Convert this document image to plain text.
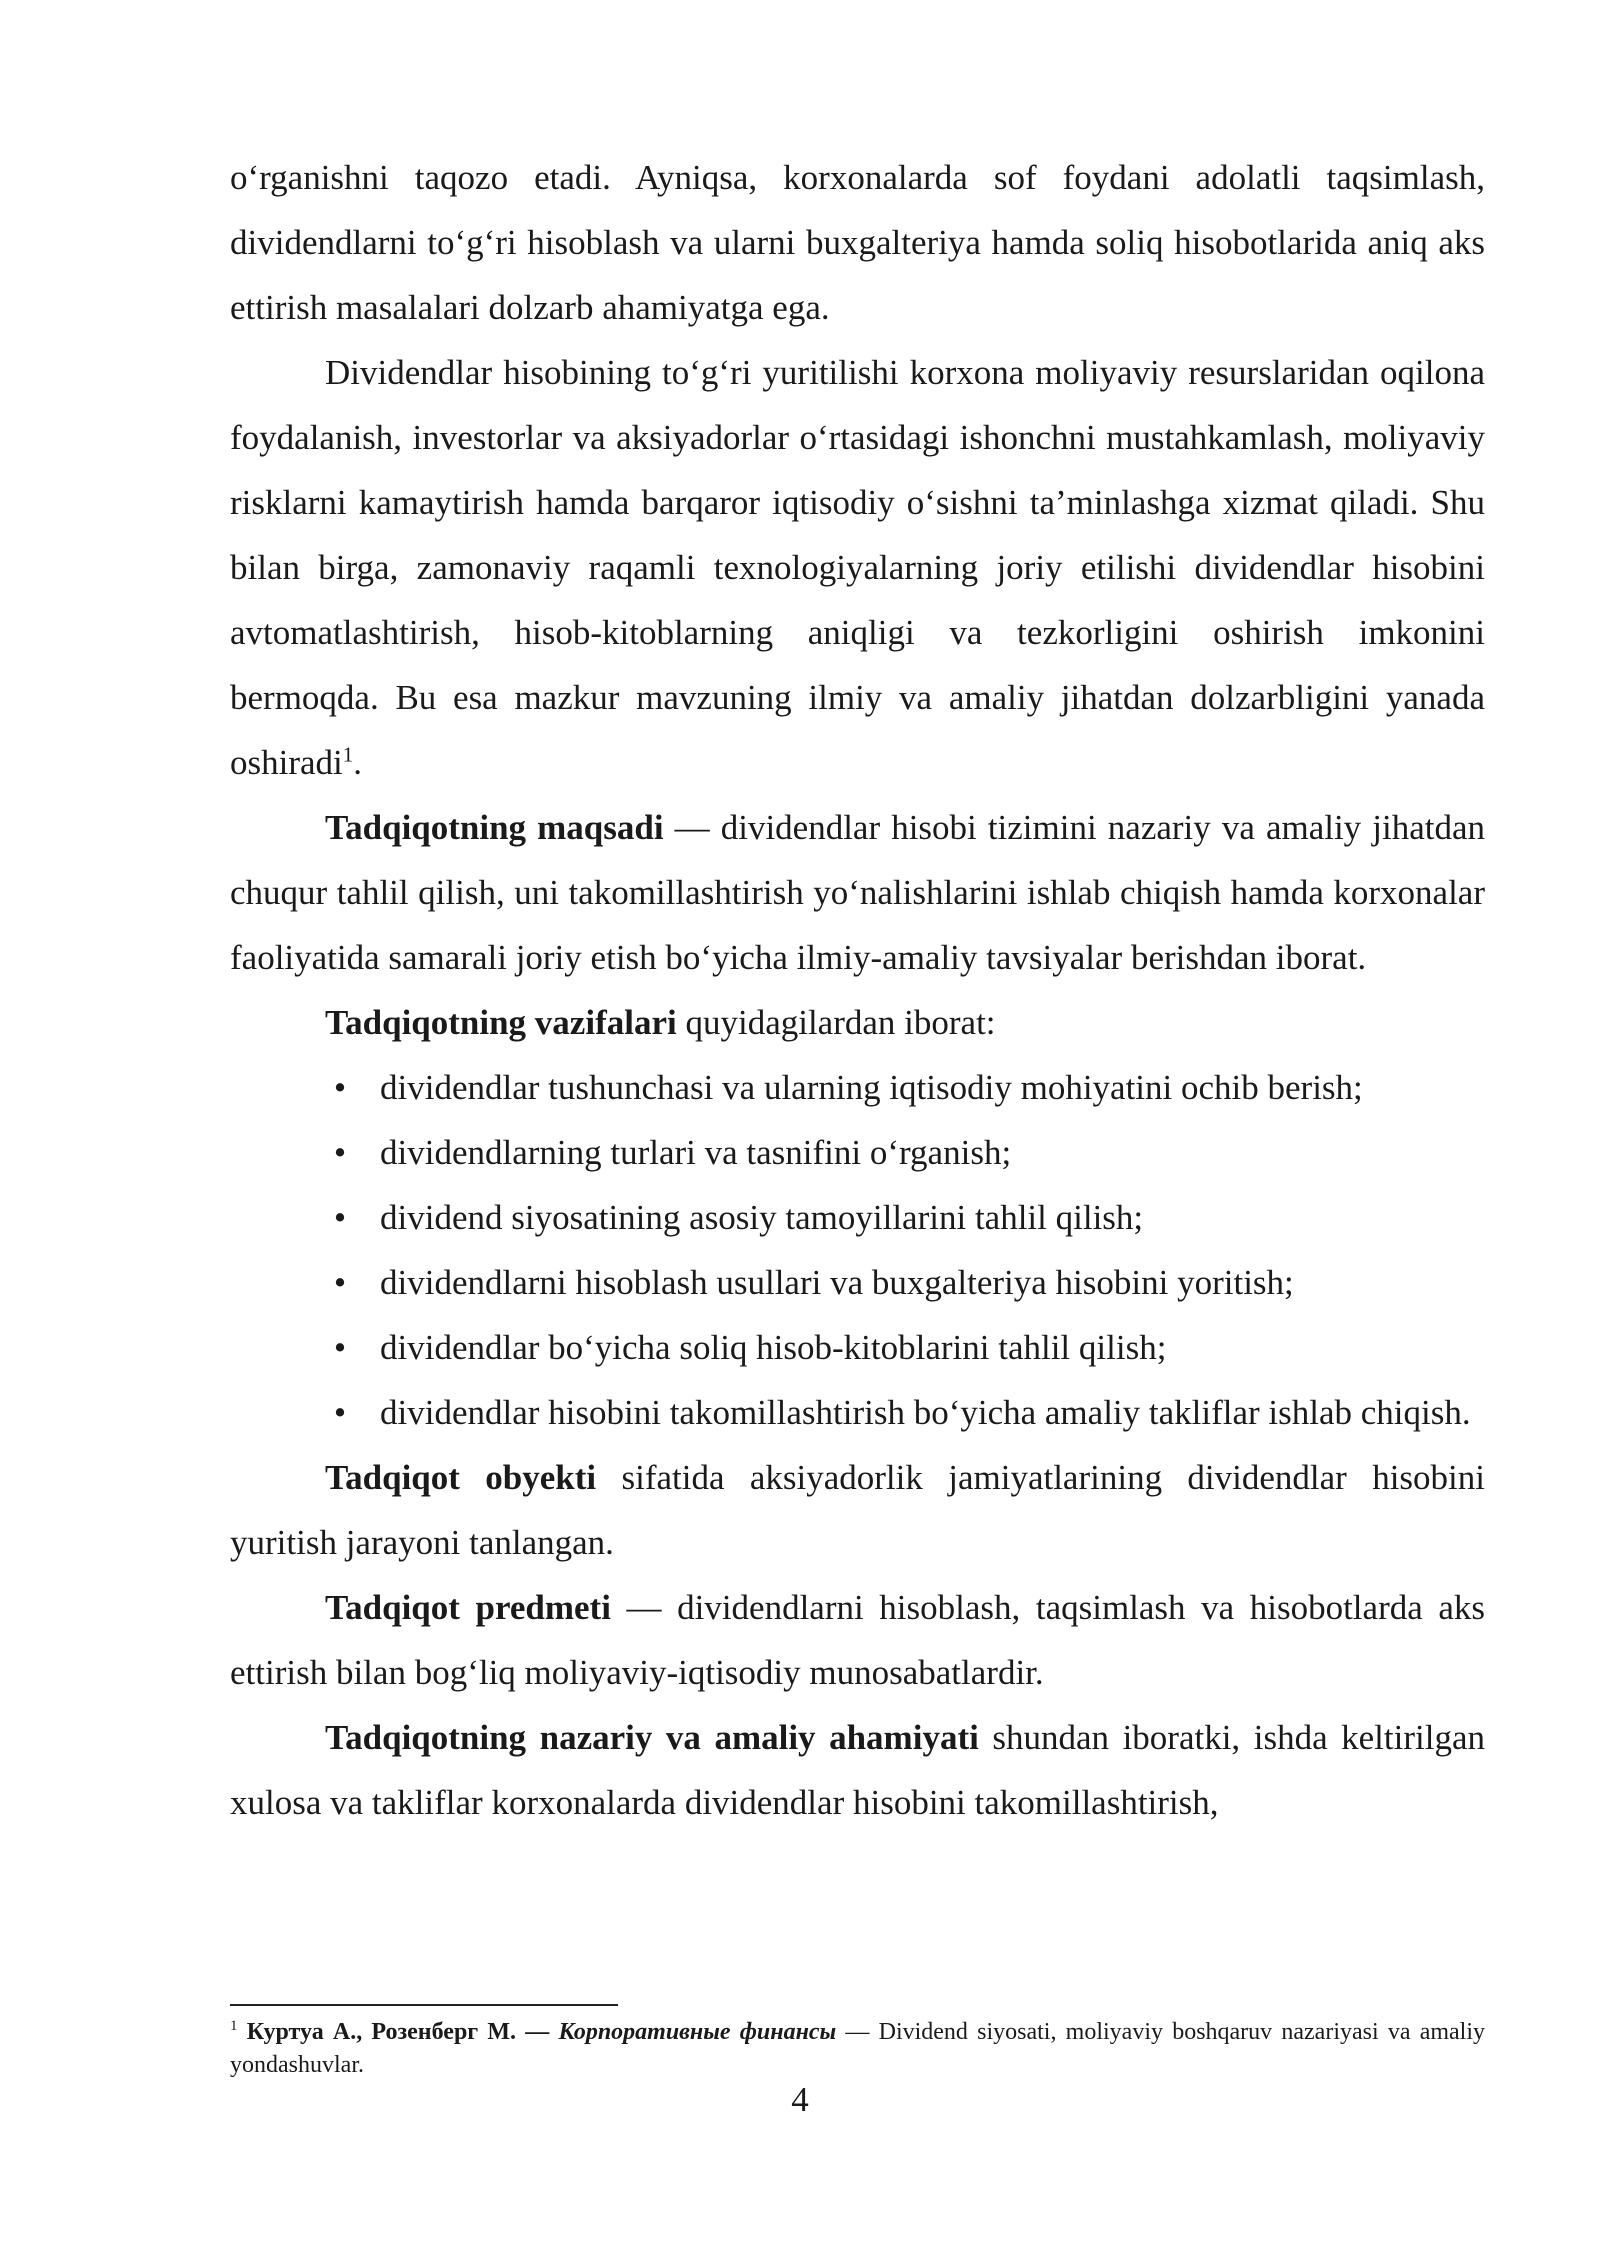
oʻrganishni taqozo etadi. Ayniqsa, korxonalarda sof foydani adolatli taqsimlash, dividendlarni toʻgʻri hisoblash va ularni buxgalteriya hamda soliq hisobotlarida aniq aks ettirish masalalari dolzarb ahamiyatga ega.

Dividendlar hisobining toʻgʻri yuritilishi korxona moliyaviy resurslaridan oqilona foydalanish, investorlar va aksiyadorlar oʻrtasidagi ishonchni mustahkamlash, moliyaviy risklarni kamaytirish hamda barqaror iqtisodiy oʻsishni ta’minlashga xizmat qiladi. Shu bilan birga, zamonaviy raqamli texnologiyalarning joriy etilishi dividendlar hisobini avtomatlashtirish, hisob-kitoblarning aniqligi va tezkorligini oshirish imkonini bermoqda. Bu esa mazkur mavzuning ilmiy va amaliy jihatdan dolzarbligini yanada oshiradi$^1$.

Tadqiqotning maqsadi — dividendlar hisobi tizimini nazariy va amaliy jihatdan chuqur tahlil qilish, uni takomillashtirish yoʻnalishlarini ishlab chiqish hamda korxonalar faoliyatida samarali joriy etish boʻyicha ilmiy-amaliy tavsiyalar berishdan iborat.

Tadqiqotning vazifalari quyidagilardan iborat:

• dividendlar tushunchasi va ularning iqtisodiy mohiyatini ochib berish;
• dividendlarning turlari va tasnifini oʻrganish;
• dividend siyosatining asosiy tamoyillarini tahlil qilish;
• dividendlarni hisoblash usullari va buxgalteriya hisobini yoritish;
• dividendlar boʻyicha soliq hisob-kitoblarini tahlil qilish;
• dividendlar hisobini takomillashtirish boʻyicha amaliy takliflar ishlab chiqish.

Tadqiqot obyekti sifatida aksiyadorlik jamiyatlarining dividendlar hisobini yuritish jarayoni tanlangan.

Tadqiqot predmeti — dividendlarni hisoblash, taqsimlash va hisobotlarda aks ettirish bilan bogʻliq moliyaviy-iqtisodiy munosabatlardir.

Tadqiqotning nazariy va amaliy ahamiyati shundan iboratki, ishda keltirilgan xulosa va takliflar korxonalarda dividendlar hisobini takomillashtirish,

$^1$ Куртуа А., Розенберг М. — Корпоративные финансы — Dividend siyosati, moliyaviy boshqaruv nazariyasi va amaliy yondashuvlar.
4
